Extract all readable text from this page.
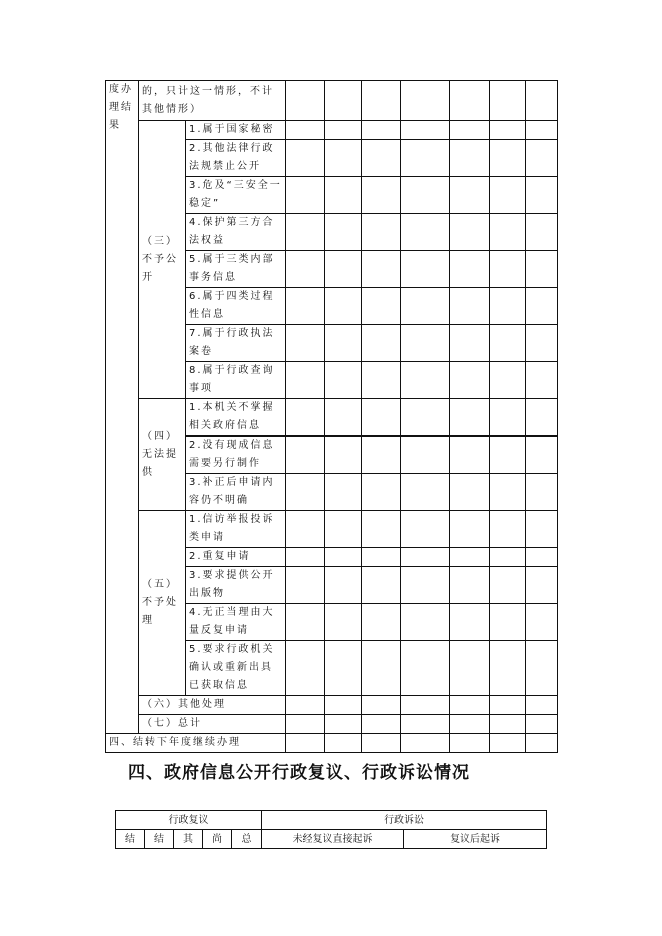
度办理结果	的，只计这一情形，不计其他情形）								
	（三）不予公开	1.属于国家秘密							
		2.其他法律行政法规禁止公开							
		3.危及“三安全一稳定”							
		4.保护第三方合法权益							
		5.属于三类内部事务信息							
		6.属于四类过程性信息							
		7.属于行政执法案卷							
		8.属于行政查询事项							
	（四）无法提供	1.本机关不掌握相关政府信息							
		2.没有现成信息需要另行制作							
		3.补正后申请内容仍不明确							
	（五）不予处理	1.信访举报投诉类申请							
		2.重复申请							
		3.要求提供公开出版物							
		4.无正当理由大量反复申请							
		5.要求行政机关确认或重新出具已获取信息							
	（六）其他处理								
	（七）总计								
四、结转下年度继续办理									
四、政府信息公开行政复议、行政诉讼情况
行政复议					行政诉讼	
结	结	其	尚	总	未经复议直接起诉	复议后起诉
